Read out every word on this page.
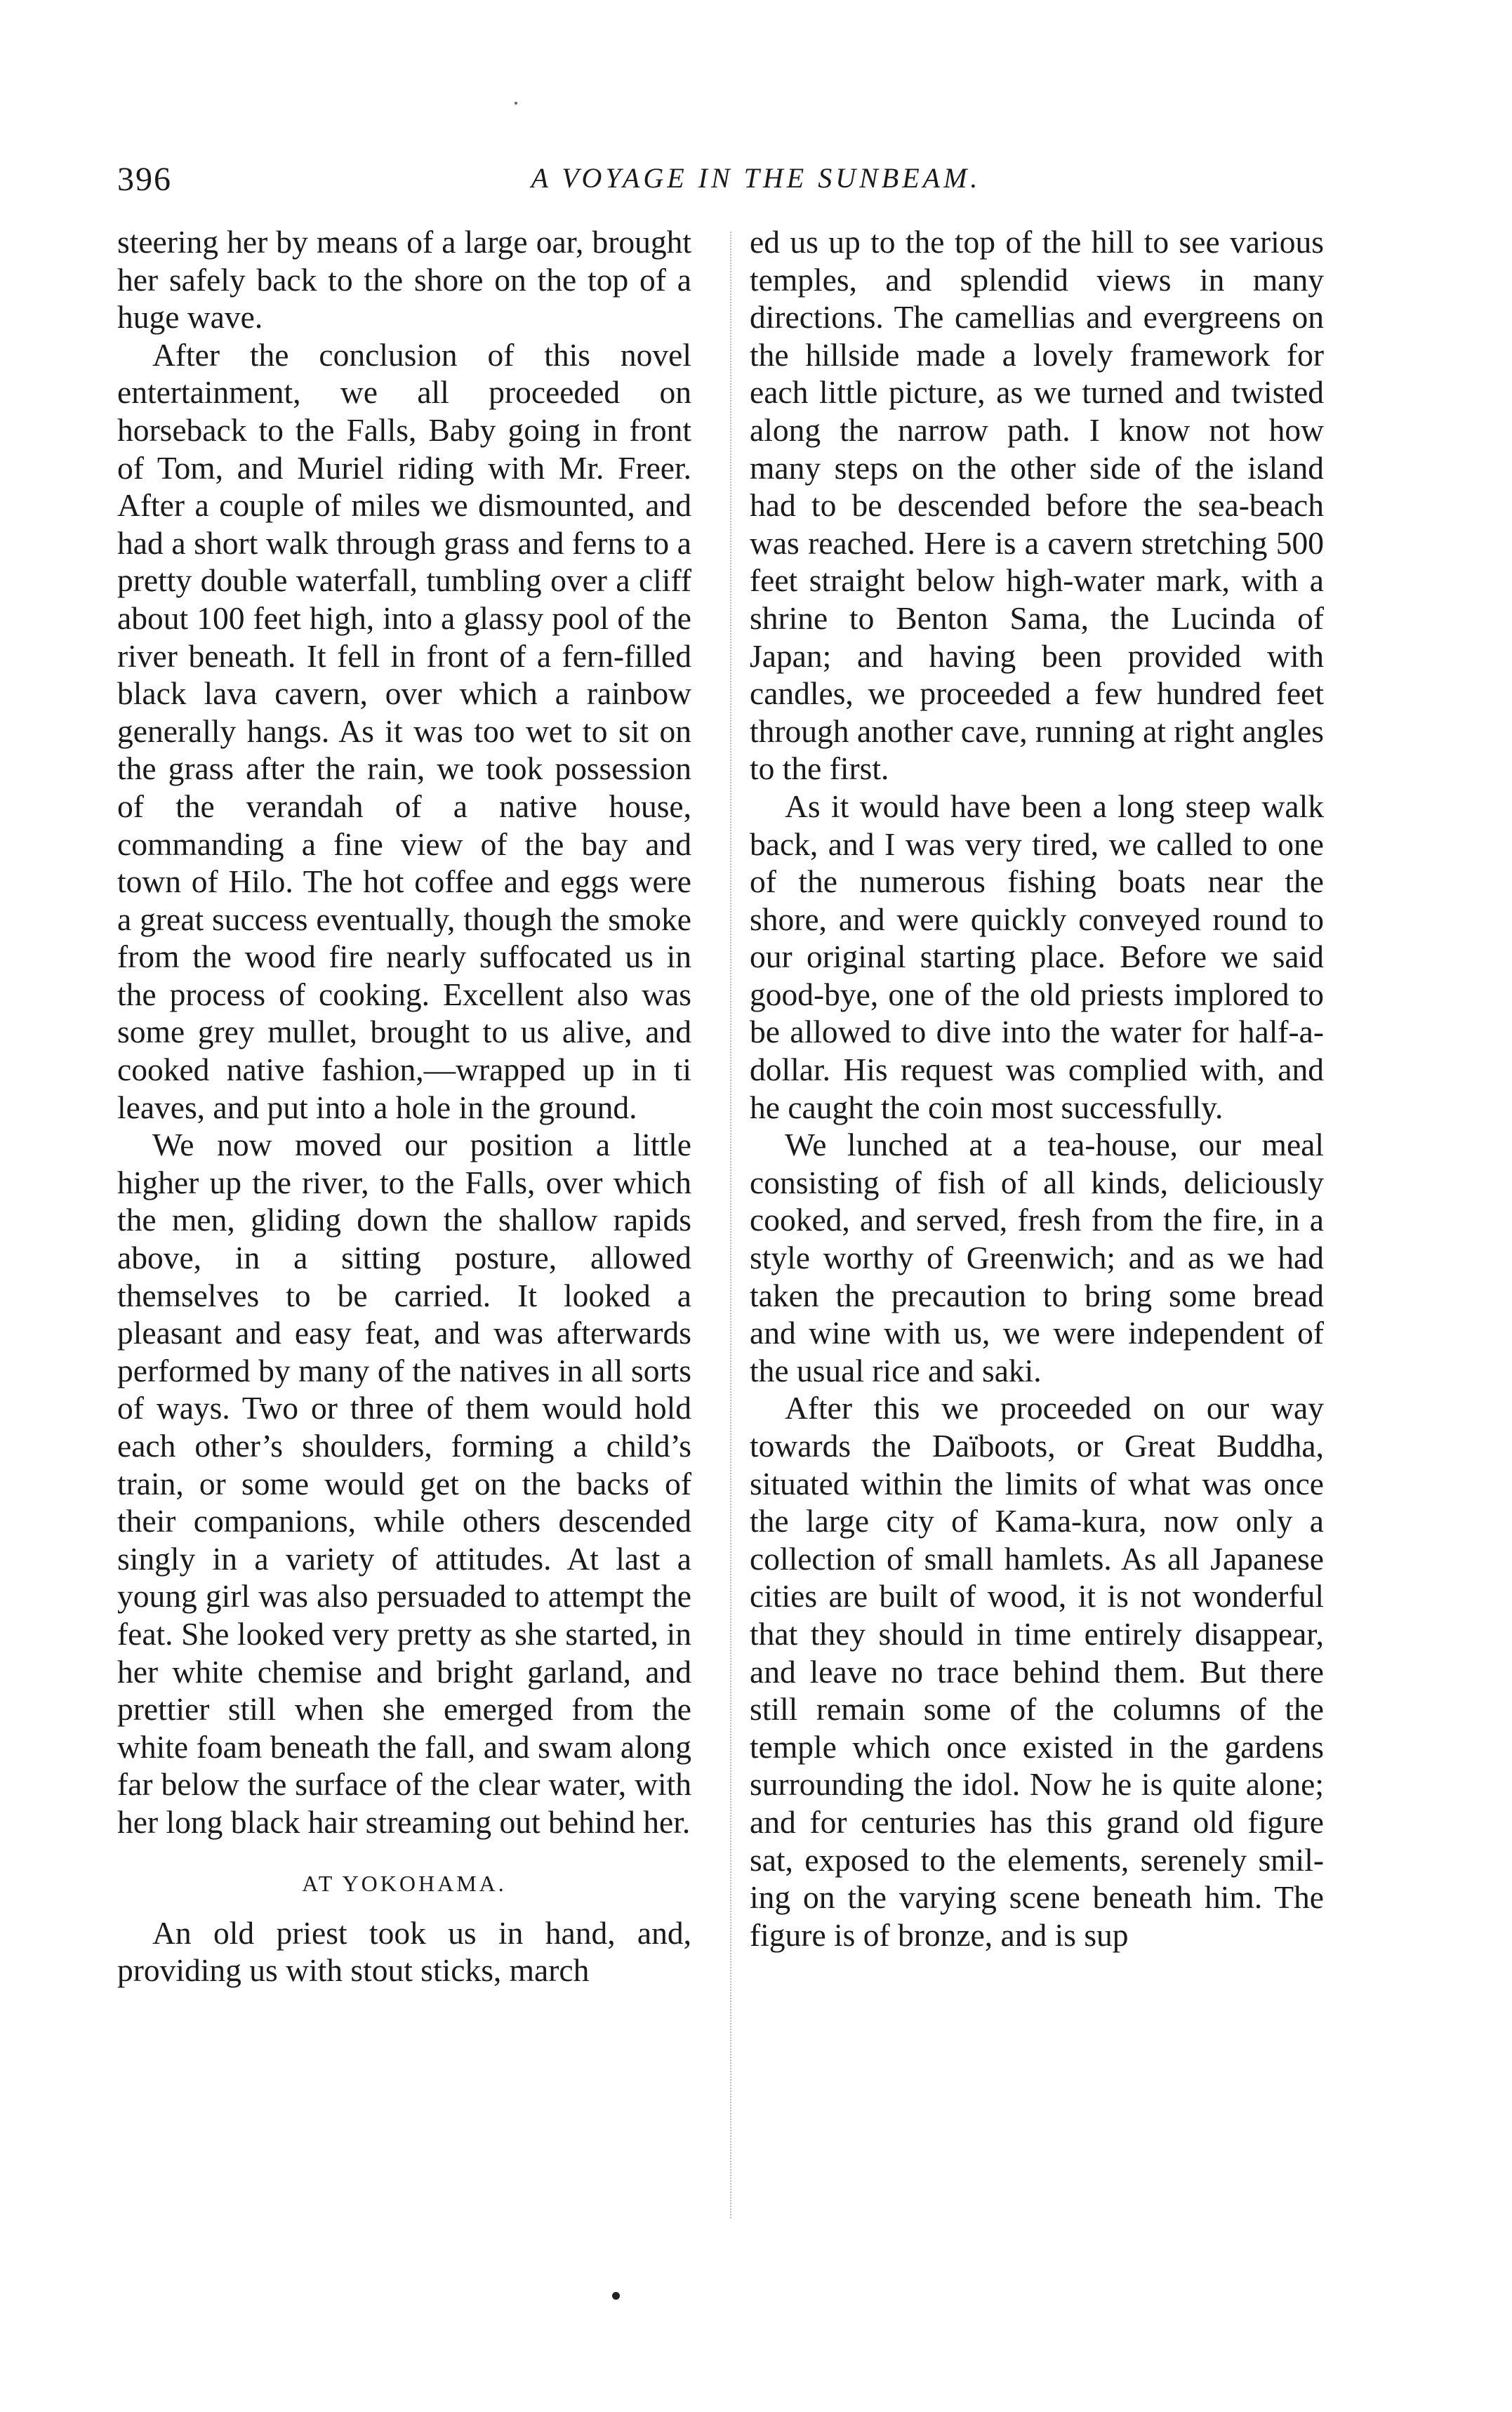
396	A VOYAGE IN THE SUNBEAM.

steering her by means of a large oar, brought her safely back to the shore on the top of a huge wave.

After the conclusion of this novel entertainment, we all proceeded on horseback to the Falls, Baby going in front of Tom, and Muriel riding with Mr. Freer. After a couple of miles we dismounted, and had a short walk through grass and ferns to a pretty double waterfall, tumbling over a cliff about 100 feet high, into a glassy pool of the river beneath. It fell in front of a fern-filled black lava cavern, over which a rainbow generally hangs. As it was too wet to sit on the grass after the rain, we took possession of the verandah of a native house, commanding a fine view of the bay and town of Hilo. The hot coffee and eggs were a great success eventually, though the smoke from the wood fire nearly suffocated us in the process of cooking. Excellent also was some grey mullet, brought to us alive, and cooked native fashion,—wrapped up in ti leaves, and put into a hole in the ground.

We now moved our position a little higher up the river, to the Falls, over which the men, gliding down the shallow rapids above, in a sitting posture, allowed themselves to be carried. It looked a pleasant and easy feat, and was afterwards performed by many of the natives in all sorts of ways. Two or three of them would hold each other’s shoulders, forming a child’s train, or some would get on the backs of their companions, while others descended singly in a variety of attitudes. At last a young girl was also persuaded to attempt the feat. She looked very pretty as she started, in her white chemise and bright garland, and prettier still when she emerged from the white foam beneath the fall, and swam along far below the surface of the clear water, with her long black hair streaming out behind her.

AT YOKOHAMA.

An old priest took us in hand, and, providing us with stout sticks, march

ed us up to the top of the hill to see various temples, and splendid views in many directions. The camellias and evergreens on the hillside made a lovely framework for each little picture, as we turned and twisted along the narrow path. I know not how many steps on the other side of the island had to be descended before the sea-beach was reached. Here is a cavern stretching 500 feet straight below high-water mark, with a shrine to Benton Sama, the Lucinda of Japan; and having been provided with candles, we proceeded a few hundred feet through another cave, running at right angles to the first.

As it would have been a long steep walk back, and I was very tired, we called to one of the numerous fishing boats near the shore, and were quickly conveyed round to our original starting place. Before we said good-bye, one of the old priests implored to be allowed to dive into the water for half-a-dollar. His request was complied with, and he caught the coin most successfully.

We lunched at a tea-house, our meal consisting of fish of all kinds, deliciously cooked, and served, fresh from the fire, in a style worthy of Greenwich; and as we had taken the precaution to bring some bread and wine with us, we were independent of the usual rice and saki.

After this we proceeded on our way towards the Daïboots, or Great Buddha, situated within the limits of what was once the large city of Kama-kura, now only a collection of small hamlets. As all Japanese cities are built of wood, it is not wonderful that they should in time entirely disappear, and leave no trace behind them. But there still remain some of the columns of the temple which once existed in the gardens surrounding the idol. Now he is quite alone; and for centuries has this grand old figure sat, exposed to the elements, serenely smiling on the varying scene beneath him. The figure is of bronze, and is sup
